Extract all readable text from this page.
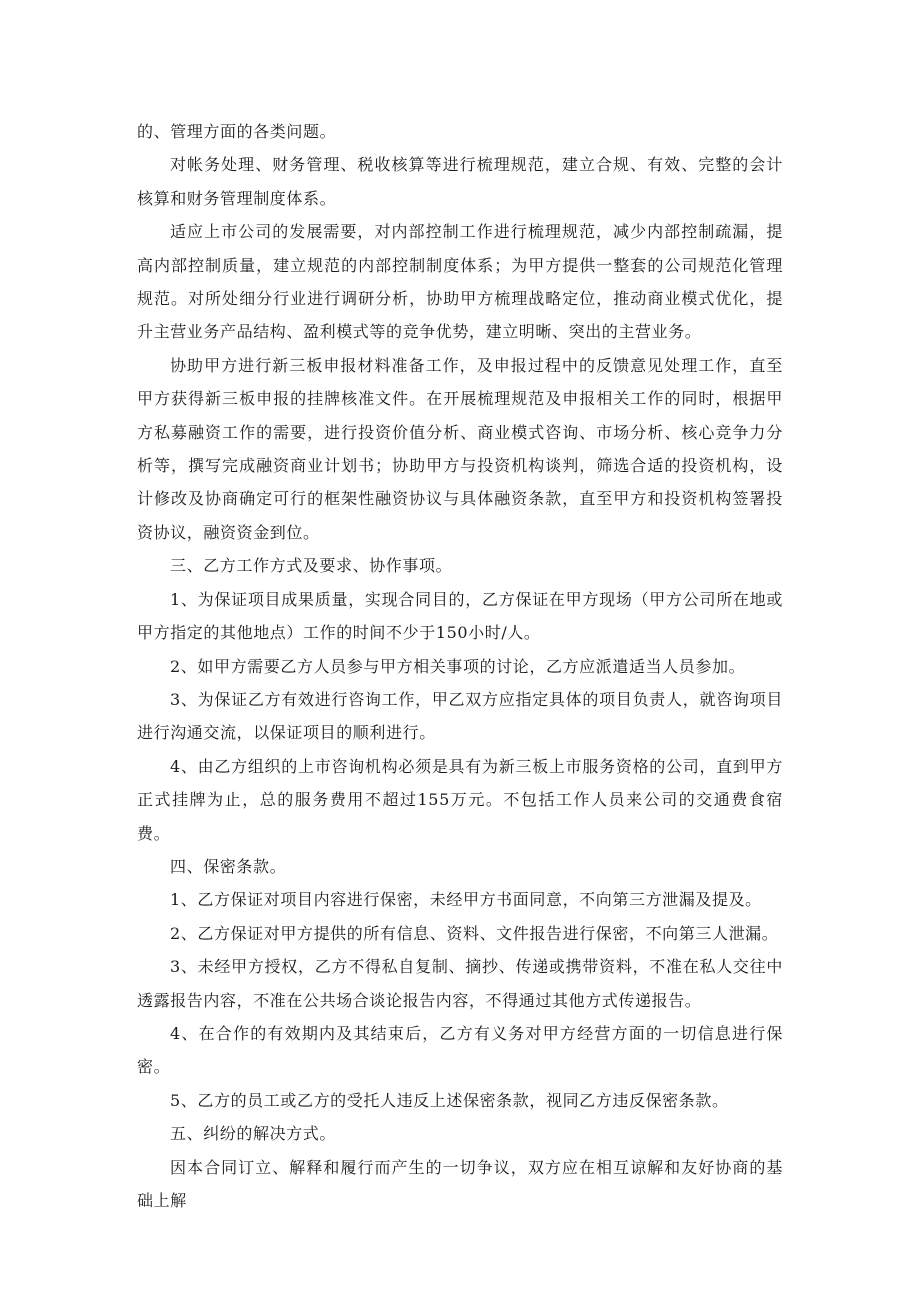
的、管理方面的各类问题。

对帐务处理、财务管理、税收核算等进行梳理规范，建立合规、有效、完整的会计核算和财务管理制度体系。

适应上市公司的发展需要，对内部控制工作进行梳理规范，减少内部控制疏漏，提高内部控制质量，建立规范的内部控制制度体系；为甲方提供一整套的公司规范化管理规范。对所处细分行业进行调研分析，协助甲方梳理战略定位，推动商业模式优化，提升主营业务产品结构、盈利模式等的竞争优势，建立明晰、突出的主营业务。

协助甲方进行新三板申报材料准备工作，及申报过程中的反馈意见处理工作，直至甲方获得新三板申报的挂牌核准文件。在开展梳理规范及申报相关工作的同时，根据甲方私募融资工作的需要，进行投资价值分析、商业模式咨询、市场分析、核心竞争力分析等，撰写完成融资商业计划书；协助甲方与投资机构谈判，筛选合适的投资机构，设计修改及协商确定可行的框架性融资协议与具体融资条款，直至甲方和投资机构签署投资协议，融资资金到位。

三、乙方工作方式及要求、协作事项。

1、为保证项目成果质量，实现合同目的，乙方保证在甲方现场（甲方公司所在地或甲方指定的其他地点）工作的时间不少于150小时/人。

2、如甲方需要乙方人员参与甲方相关事项的讨论，乙方应派遣适当人员参加。

3、为保证乙方有效进行咨询工作，甲乙双方应指定具体的项目负责人，就咨询项目进行沟通交流，以保证项目的顺利进行。

4、由乙方组织的上市咨询机构必须是具有为新三板上市服务资格的公司，直到甲方正式挂牌为止，总的服务费用不超过155万元。不包括工作人员来公司的交通费食宿费。

四、保密条款。

1、乙方保证对项目内容进行保密，未经甲方书面同意，不向第三方泄漏及提及。

2、乙方保证对甲方提供的所有信息、资料、文件报告进行保密，不向第三人泄漏。

3、未经甲方授权，乙方不得私自复制、摘抄、传递或携带资料，不准在私人交往中透露报告内容，不准在公共场合谈论报告内容，不得通过其他方式传递报告。

4、在合作的有效期内及其结束后，乙方有义务对甲方经营方面的一切信息进行保密。

5、乙方的员工或乙方的受托人违反上述保密条款，视同乙方违反保密条款。

五、纠纷的解决方式。

因本合同订立、解释和履行而产生的一切争议，双方应在相互谅解和友好协商的基础上解
